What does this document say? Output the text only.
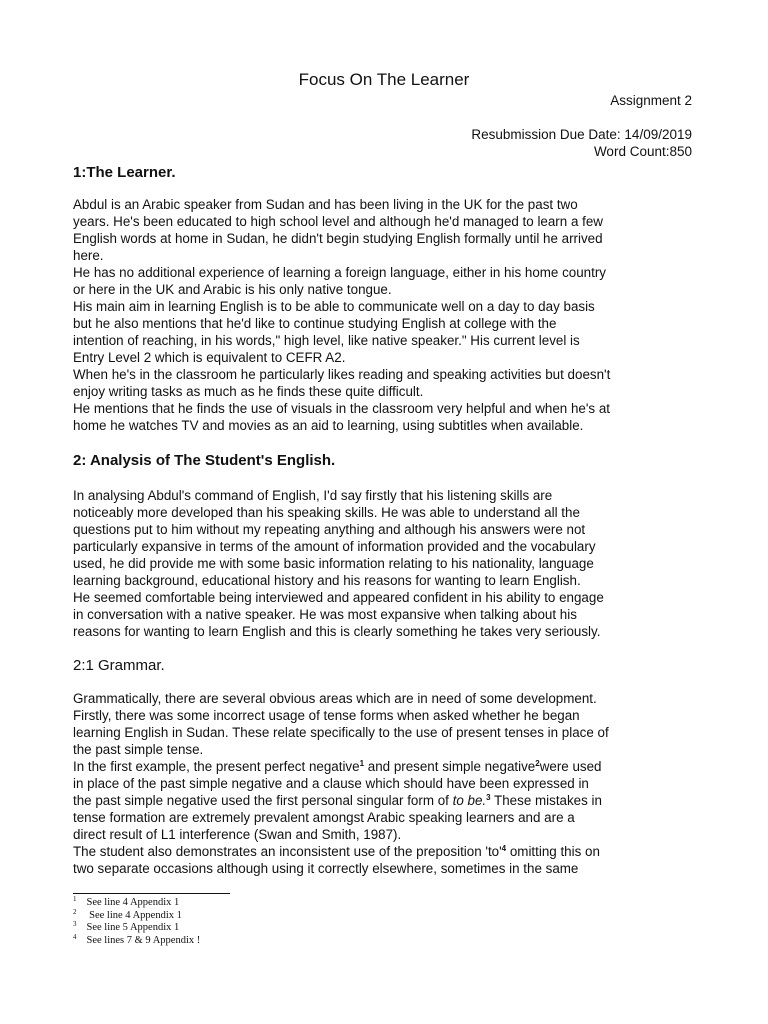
Focus On The Learner
Assignment 2
Resubmission Due Date: 14/09/2019
Word Count:850
1:The Learner.
Abdul is an Arabic speaker from Sudan and has been living in the UK for the past two
years. He's been educated to high school level and although he'd managed to learn a few
English words at home in Sudan, he didn't begin studying English formally until he arrived
here.
He has no additional experience of learning a foreign language, either in his home country
or here in the UK and Arabic is his only native tongue.
His main aim in learning English is to be able to communicate well on a day to day basis
but he also mentions that he'd like to continue studying English at college with the
intention of reaching, in his words," high level, like native speaker." His current level is
Entry Level 2 which is equivalent to CEFR A2.
When he's in the classroom he particularly likes reading and speaking activities but doesn't
enjoy writing tasks as much as he finds these quite difficult.
He mentions that he finds the use of visuals in the classroom very helpful and when he's at
home he watches TV and movies as an aid to learning, using subtitles when available.
2: Analysis of The Student's English.
In analysing Abdul's command of English, I'd say firstly that his listening skills are
noticeably more developed than his speaking skills. He was able to understand all the
questions put to him without my repeating anything and although his answers were not
particularly expansive in terms of the amount of information provided and the vocabulary
used, he did provide me with some basic information relating to his nationality, language
learning background, educational history and his reasons for wanting to learn English.
He seemed comfortable being interviewed and appeared confident in his ability to engage
in conversation with a native speaker. He was most expansive when talking about his
reasons for wanting to learn English and this is clearly something he takes very seriously.
2:1 Grammar.
Grammatically, there are several obvious areas which are in need of some development.
Firstly, there was some incorrect usage of tense forms when asked whether he began
learning English in Sudan. These relate specifically to the use of present tenses in place of
the past simple tense.
In the first example, the present perfect negative$^1$ and present simple negative$^2$were used
in place of the past simple negative and a clause which should have been expressed in
the past simple negative used the first personal singular form of to be.$^3$ These mistakes in
tense formation are extremely prevalent amongst Arabic speaking learners and are a
direct result of L1 interference (Swan and Smith, 1987).
The student also demonstrates an inconsistent use of the preposition '$to'^4$ omitting this on
two separate occasions although using it correctly elsewhere, sometimes in the same
$^1$ See line 4 Appendix 1
$^2$ See line 4 Appendix 1
$^3$ See line 5 Appendix 1
$^4$ See lines 7 & 9 Appendix !
